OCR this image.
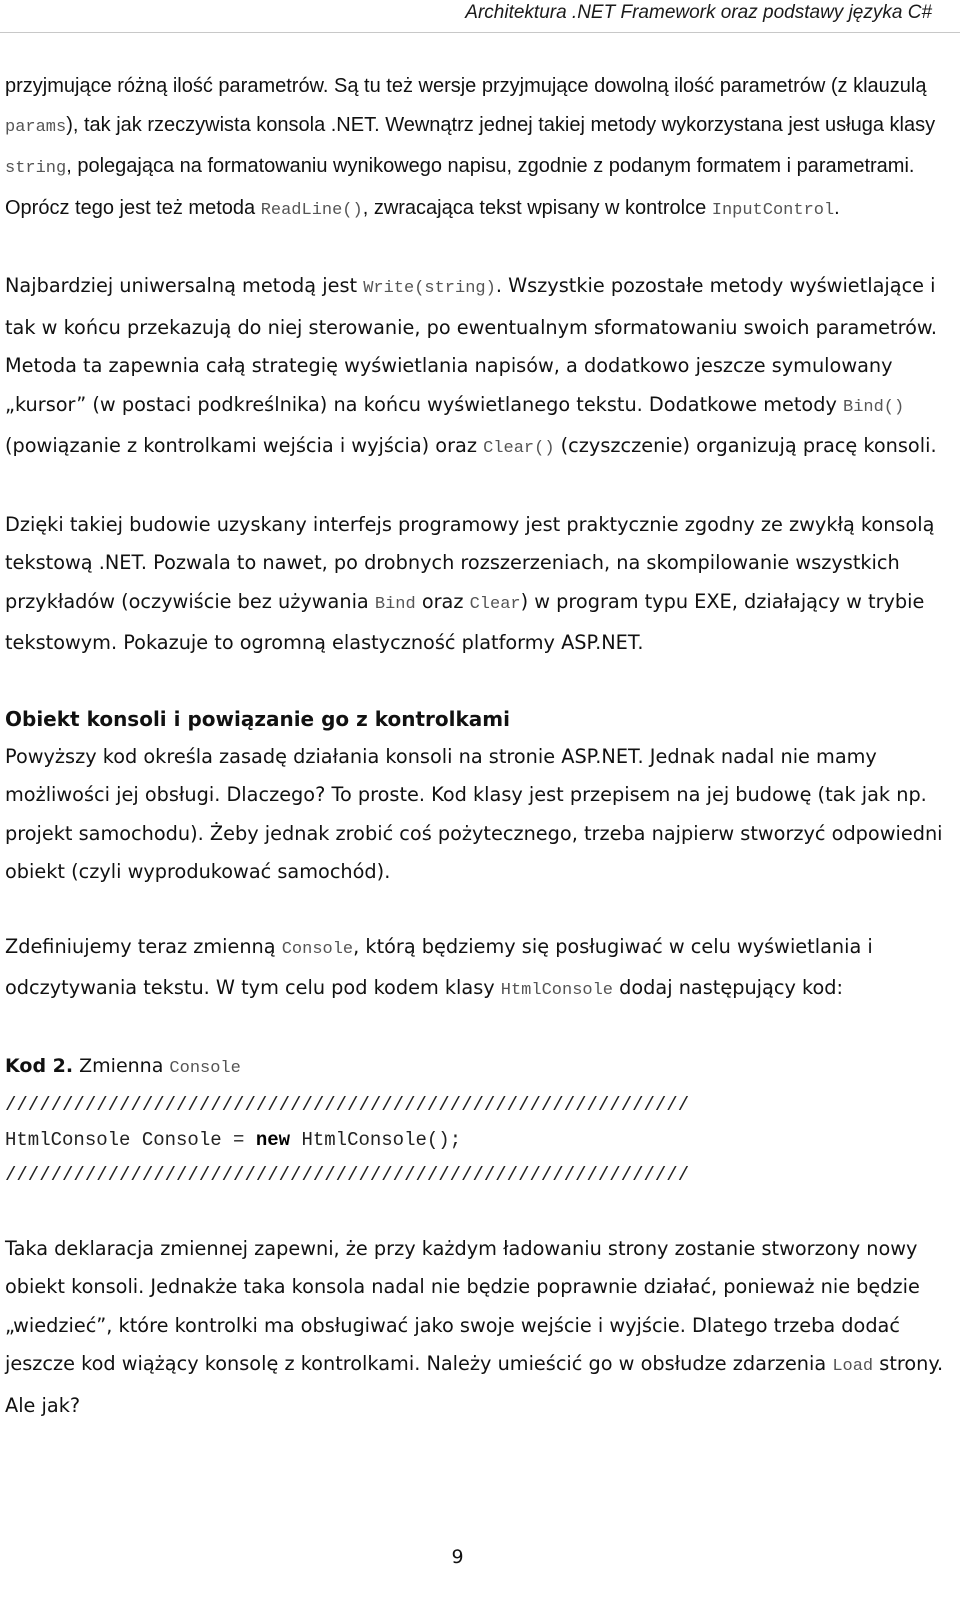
Architektura .NET Framework oraz podstawy języka C#

przyjmujące różną ilość parametrów. Są tu też wersje przyjmujące dowolną ilość parametrów (z klauzulą params), tak jak rzeczywista konsola .NET. Wewnątrz jednej takiej metody wykorzystana jest usługa klasy string, polegająca na formatowaniu wynikowego napisu, zgodnie z podanym formatem i parametrami. Oprócz tego jest też metoda ReadLine(), zwracająca tekst wpisany w kontrolce InputControl.

Najbardziej uniwersalną metodą jest Write(string). Wszystkie pozostałe metody wyświetlające i tak w końcu przekazują do niej sterowanie, po ewentualnym sformatowaniu swoich parametrów. Metoda ta zapewnia całą strategię wyświetlania napisów, a dodatkowo jeszcze symulowany „kursor” (w postaci podkreślnika) na końcu wyświetlanego tekstu. Dodatkowe metody Bind() (powiązanie z kontrolkami wejścia i wyjścia) oraz Clear() (czyszczenie) organizują pracę konsoli.

Dzięki takiej budowie uzyskany interfejs programowy jest praktycznie zgodny ze zwykłą konsolą tekstową .NET. Pozwala to nawet, po drobnych rozszerzeniach, na skompilowanie wszystkich przykładów (oczywiście bez używania Bind oraz Clear) w program typu EXE, działający w trybie tekstowym. Pokazuje to ogromną elastyczność platformy ASP.NET.

Obiekt konsoli i powiązanie go z kontrolkami

Powyższy kod określa zasadę działania konsoli na stronie ASP.NET. Jednak nadal nie mamy możliwości jej obsługi. Dlaczego? To proste. Kod klasy jest przepisem na jej budowę (tak jak np. projekt samochodu). Żeby jednak zrobić coś pożytecznego, trzeba najpierw stworzyć odpowiedni obiekt (czyli wyprodukować samochód).

Zdefiniujemy teraz zmienną Console, którą będziemy się posługiwać w celu wyświetlania i odczytywania tekstu. W tym celu pod kodem klasy HtmlConsole dodaj następujący kod:

Kod 2. Zmienna Console
////////////////////////////////////////////////////////////
HtmlConsole Console = new HtmlConsole();
////////////////////////////////////////////////////////////

Taka deklaracja zmiennej zapewni, że przy każdym ładowaniu strony zostanie stworzony nowy obiekt konsoli. Jednakże taka konsola nadal nie będzie poprawnie działać, ponieważ nie będzie „wiedzieć”, które kontrolki ma obsługiwać jako swoje wejście i wyjście. Dlatego trzeba dodać jeszcze kod wiążący konsolę z kontrolkami. Należy umieścić go w obsłudze zdarzenia Load strony. Ale jak?

9
